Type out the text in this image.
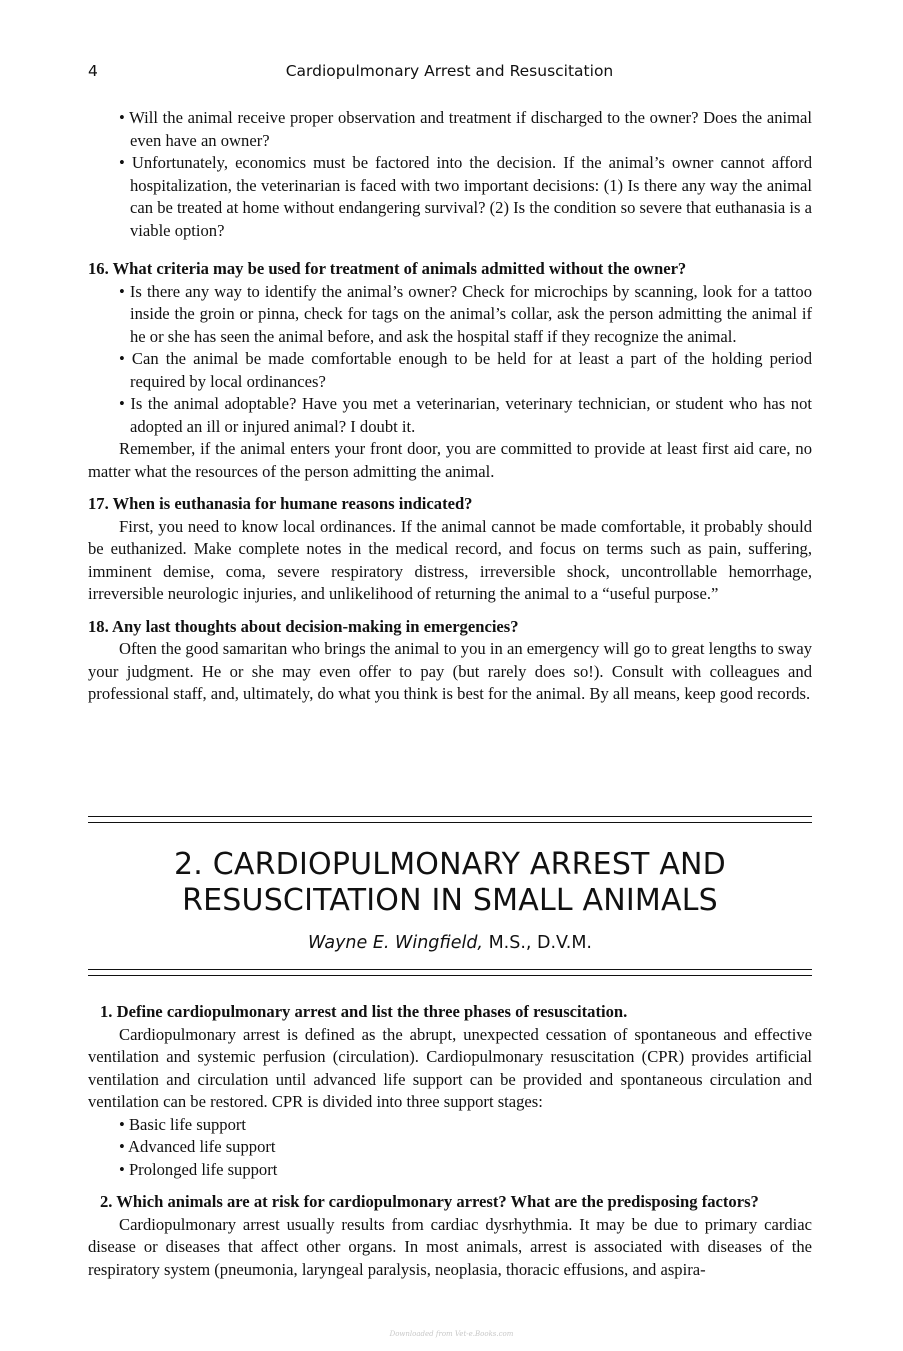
4	Cardiopulmonary Arrest and Resuscitation

• Will the animal receive proper observation and treatment if discharged to the owner? Does the animal even have an owner?

• Unfortunately, economics must be factored into the decision. If the animal’s owner cannot afford hospitalization, the veterinarian is faced with two important decisions: (1) Is there any way the animal can be treated at home without endangering survival? (2) Is the condition so severe that euthanasia is a viable option?

16. What criteria may be used for treatment of animals admitted without the owner?

• Is there any way to identify the animal’s owner? Check for microchips by scanning, look for a tattoo inside the groin or pinna, check for tags on the animal’s collar, ask the person admitting the animal if he or she has seen the animal before, and ask the hospital staff if they recognize the animal.

• Can the animal be made comfortable enough to be held for at least a part of the holding period required by local ordinances?

• Is the animal adoptable? Have you met a veterinarian, veterinary technician, or student who has not adopted an ill or injured animal? I doubt it.

Remember, if the animal enters your front door, you are committed to provide at least first aid care, no matter what the resources of the person admitting the animal.

17. When is euthanasia for humane reasons indicated?

First, you need to know local ordinances. If the animal cannot be made comfortable, it probably should be euthanized. Make complete notes in the medical record, and focus on terms such as pain, suffering, imminent demise, coma, severe respiratory distress, irreversible shock, uncontrollable hemorrhage, irreversible neurologic injuries, and unlikelihood of returning the animal to a “useful purpose.”

18. Any last thoughts about decision-making in emergencies?

Often the good samaritan who brings the animal to you in an emergency will go to great lengths to sway your judgment. He or she may even offer to pay (but rarely does so!). Consult with colleagues and professional staff, and, ultimately, do what you think is best for the animal. By all means, keep good records.

2. CARDIOPULMONARY ARREST AND
RESUSCITATION IN SMALL ANIMALS
Wayne E. Wingfield, M.S., D.V.M.

1. Define cardiopulmonary arrest and list the three phases of resuscitation.

Cardiopulmonary arrest is defined as the abrupt, unexpected cessation of spontaneous and effective ventilation and systemic perfusion (circulation). Cardiopulmonary resuscitation (CPR) provides artificial ventilation and circulation until advanced life support can be provided and spontaneous circulation and ventilation can be restored. CPR is divided into three support stages:

• Basic life support

• Advanced life support

• Prolonged life support

2. Which animals are at risk for cardiopulmonary arrest? What are the predisposing factors?

Cardiopulmonary arrest usually results from cardiac dysrhythmia. It may be due to primary cardiac disease or diseases that affect other organs. In most animals, arrest is associated with diseases of the respiratory system (pneumonia, laryngeal paralysis, neoplasia, thoracic effusions, and aspira-

Downloaded from Vet-e.Books.com
